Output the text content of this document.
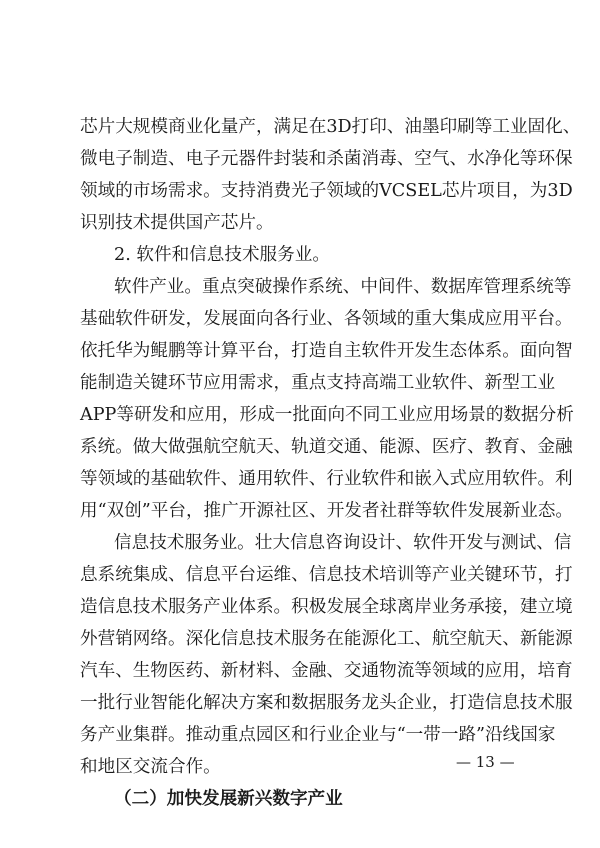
芯片大规模商业化量产，满足在3D打印、油墨印刷等工业固化、
微电子制造、电子元器件封装和杀菌消毒、空气、水净化等环保
领域的市场需求。支持消费光子领域的VCSEL芯片项目，为3D
识别技术提供国产芯片。
2. 软件和信息技术服务业。
软件产业。重点突破操作系统、中间件、数据库管理系统等
基础软件研发，发展面向各行业、各领域的重大集成应用平台。
依托华为鲲鹏等计算平台，打造自主软件开发生态体系。面向智
能制造关键环节应用需求，重点支持高端工业软件、新型工业
APP等研发和应用，形成一批面向不同工业应用场景的数据分析
系统。做大做强航空航天、轨道交通、能源、医疗、教育、金融
等领域的基础软件、通用软件、行业软件和嵌入式应用软件。利
用“双创”平台，推广开源社区、开发者社群等软件发展新业态。
信息技术服务业。壮大信息咨询设计、软件开发与测试、信
息系统集成、信息平台运维、信息技术培训等产业关键环节，打
造信息技术服务产业体系。积极发展全球离岸业务承接，建立境
外营销网络。深化信息技术服务在能源化工、航空航天、新能源
汽车、生物医药、新材料、金融、交通物流等领域的应用，培育
一批行业智能化解决方案和数据服务龙头企业，打造信息技术服
务产业集群。推动重点园区和行业企业与“一带一路”沿线国家
和地区交流合作。
（二）加快发展新兴数字产业
— 13 —
